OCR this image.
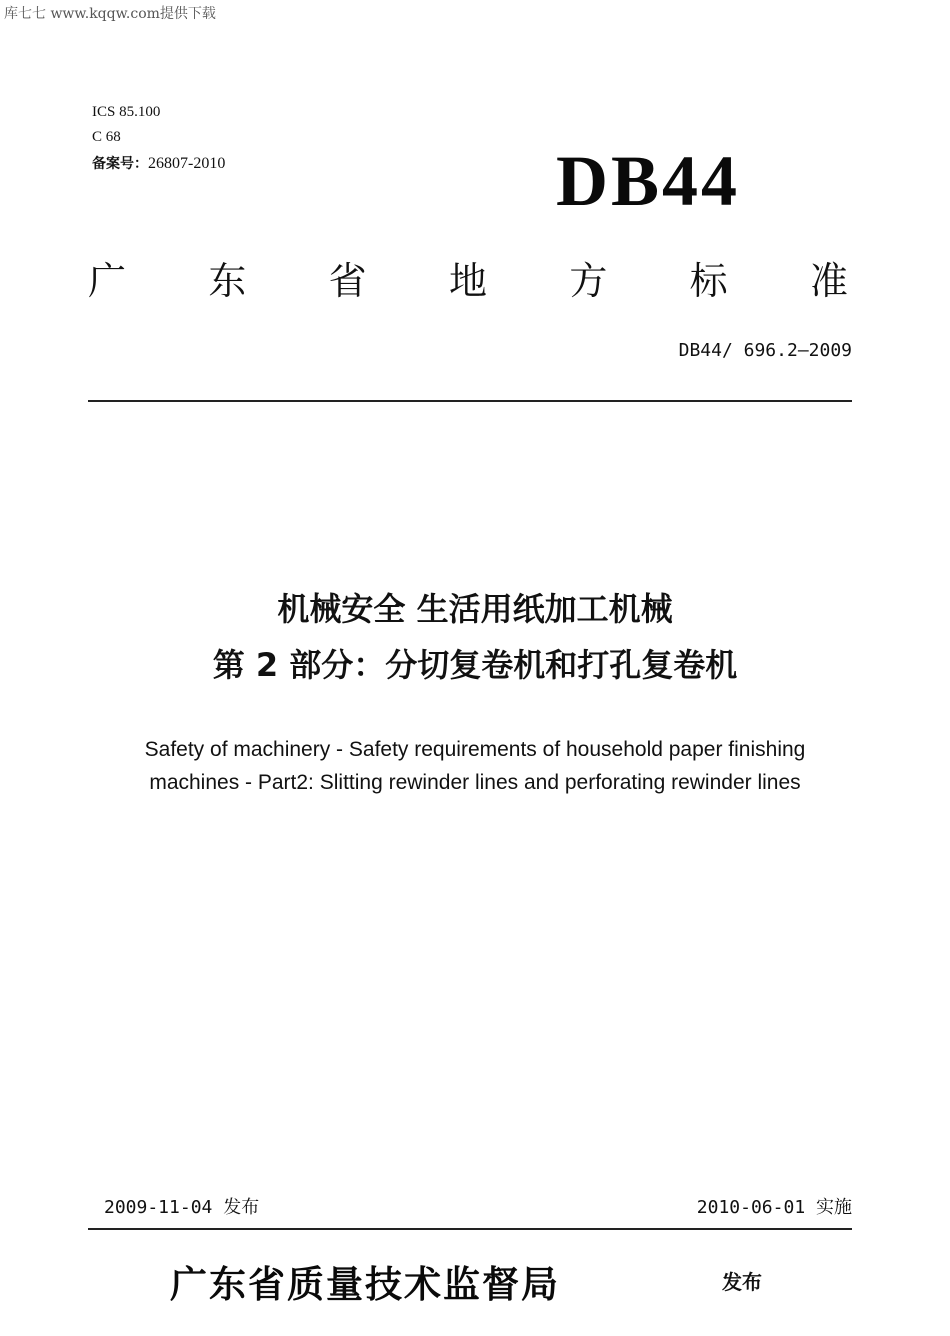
库七七 www.kqqw.com提供下载
ICS 85.100
C 68
备案号：26807-2010	DB44
广 东 省 地 方 标 准
DB44/ 696.2—2009
机械安全 生活用纸加工机械
第 2 部分：分切复卷机和打孔复卷机
Safety of machinery - Safety requirements of household paper finishing
machines - Part2: Slitting rewinder lines and perforating rewinder lines
2009-11-04 发布	2010-06-01 实施
广东省质量技术监督局	发布
